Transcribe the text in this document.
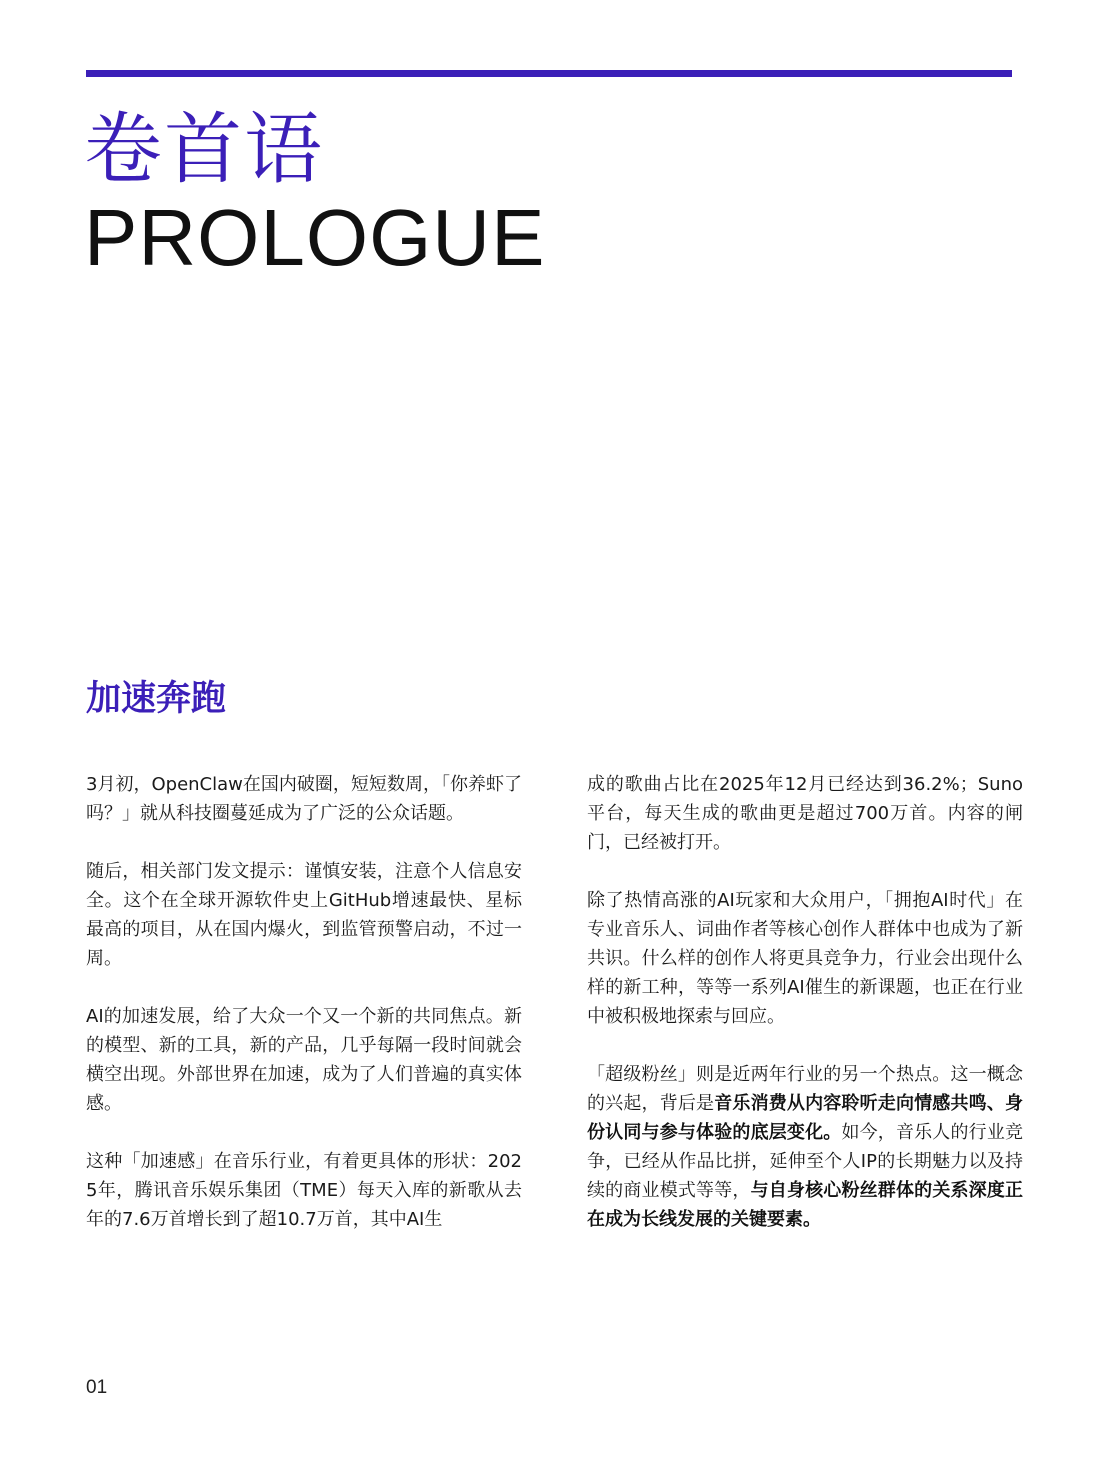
卷首语
PROLOGUE
加速奔跑

3月初，OpenClaw在国内破圈，短短数周，「你养虾了吗？」就从科技圈蔓延成为了广泛的公众话题。

随后，相关部门发文提示：谨慎安装，注意个人信息安全。这个在全球开源软件史上GitHub增速最快、星标最高的项目，从在国内爆火，到监管预警启动，不过一周。

AI的加速发展，给了大众一个又一个新的共同焦点。新的模型、新的工具，新的产品，几乎每隔一段时间就会横空出现。外部世界在加速，成为了人们普遍的真实体感。

这种「加速感」在音乐行业，有着更具体的形状：2025年，腾讯音乐娱乐集团（TME）每天入库的新歌从去年的7.6万首增长到了超10.7万首，其中AI生

成的歌曲占比在2025年12月已经达到36.2%；Suno平台，每天生成的歌曲更是超过700万首。内容的闸门，已经被打开。

除了热情高涨的AI玩家和大众用户，「拥抱AI时代」在专业音乐人、词曲作者等核心创作人群体中也成为了新共识。什么样的创作人将更具竞争力，行业会出现什么样的新工种，等等一系列AI催生的新课题，也正在行业中被积极地探索与回应。

「超级粉丝」则是近两年行业的另一个热点。这一概念的兴起，背后是音乐消费从内容聆听走向情感共鸣、身份认同与参与体验的底层变化。如今，音乐人的行业竞争，已经从作品比拼，延伸至个人IP的长期魅力以及持续的商业模式等等，与自身核心粉丝群体的关系深度正在成为长线发展的关键要素。

01
